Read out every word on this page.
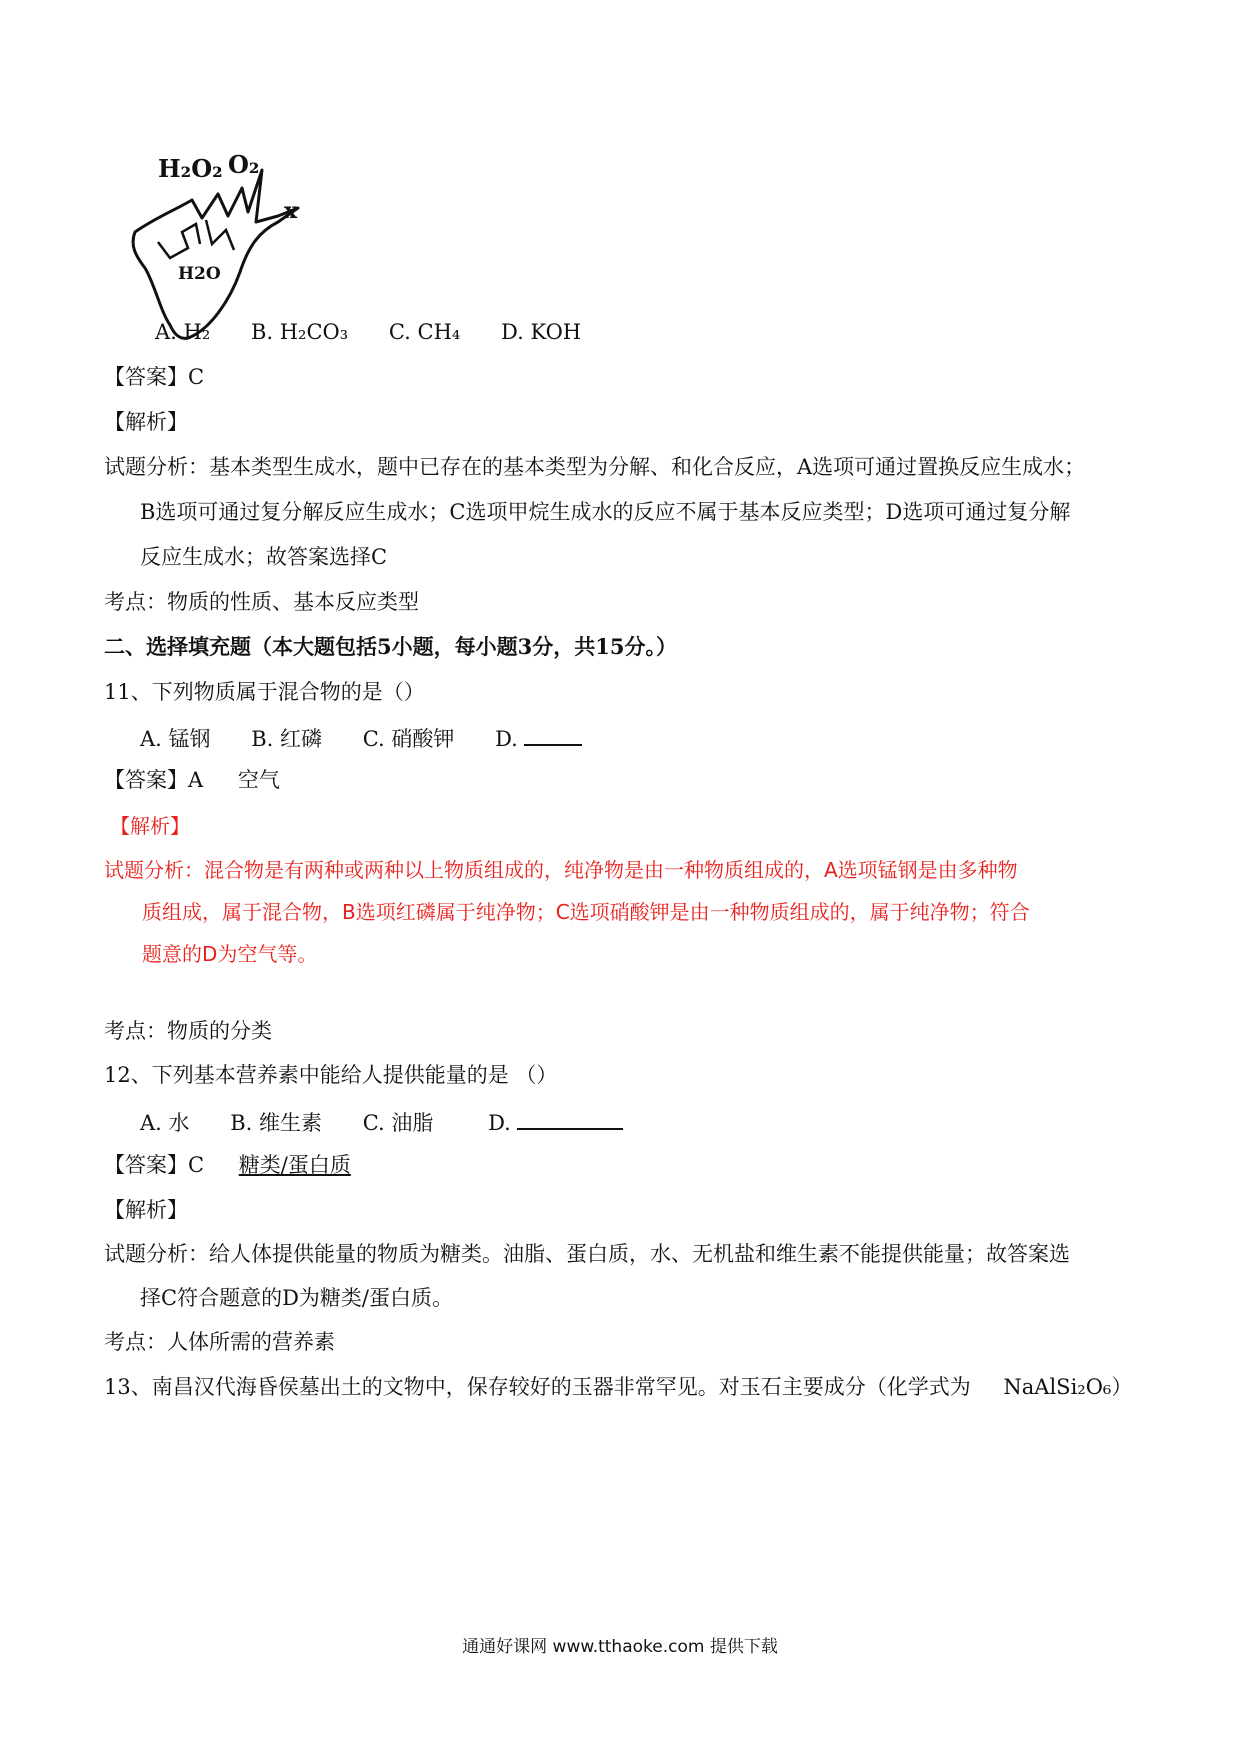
H₂O₂ O₂
x
H2O
A. H₂ B. H₂CO₃ C. CH₄ D. KOH
【答案】C
【解析】
试题分析：基本类型生成水，题中已存在的基本类型为分解、和化合反应，A选项可通过置换反应生成水；
B选项可通过复分解反应生成水；C选项甲烷生成水的反应不属于基本反应类型；D选项可通过复分解
反应生成水；故答案选择C
考点：物质的性质、基本反应类型
二、选择填充题（本大题包括5小题，每小题3分，共15分。）
11、下列物质属于混合物的是（）
A. 锰钢 B. 红磷 C. 硝酸钾 D.
【答案】A 空气
【解析】
试题分析：混合物是有两种或两种以上物质组成的，纯净物是由一种物质组成的，A选项锰钢是由多种物
质组成，属于混合物，B选项红磷属于纯净物；C选项硝酸钾是由一种物质组成的，属于纯净物；符合
题意的D为空气等。
考点：物质的分类
12、下列基本营养素中能给人提供能量的是 （）
A. 水 B. 维生素 C. 油脂	D.
【答案】C 糖类/蛋白质
【解析】
试题分析：给人体提供能量的物质为糖类。油脂、蛋白质，水、无机盐和维生素不能提供能量；故答案选
择C符合题意的D为糖类/蛋白质。
考点：人体所需的营养素
13、南昌汉代海昏侯墓出土的文物中，保存较好的玉器非常罕见。对玉石主要成分（化学式为 NaAlSi₂O₆）
通通好课网 www.tthaoke.com 提供下载
